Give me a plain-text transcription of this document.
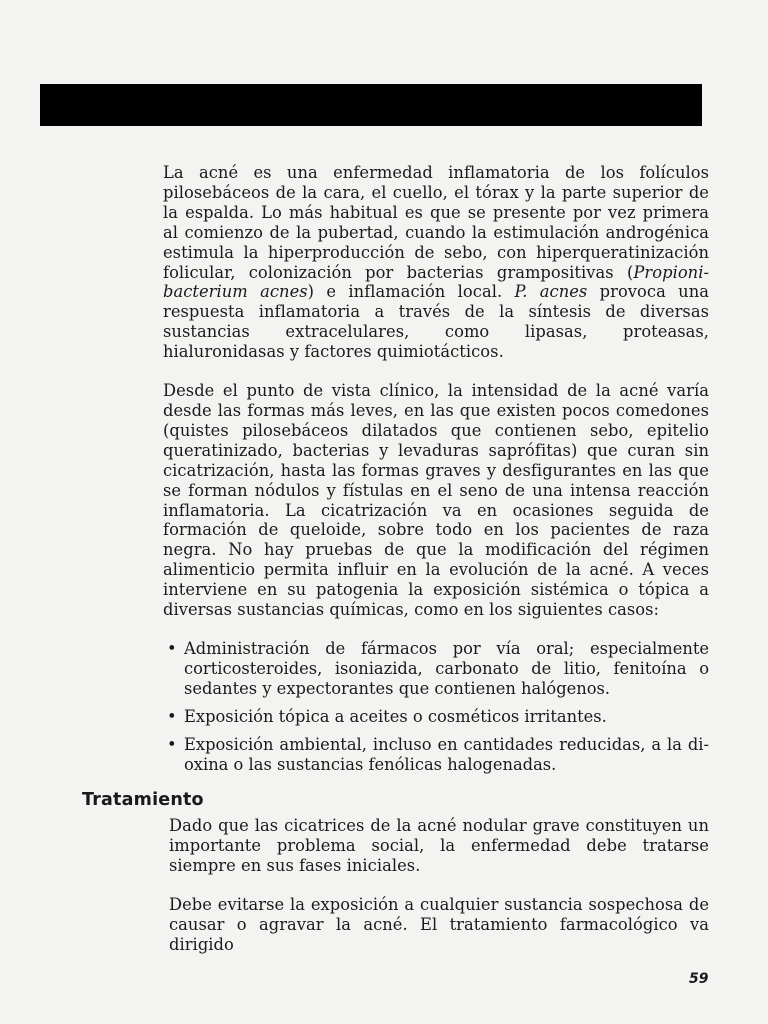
La acné es una enfermedad inflamatoria de los folículos pilosebáceos de la cara, el cuello, el tórax y la parte superior de la espalda. Lo más habitual es que se presente por vez primera al comienzo de la pubertad, cuando la estimulación androgénica estimula la hiperproducción de sebo, con hiperqueratinización folicular, colonización por bacterias grampositivas (Propionibacterium acnes) e inflamación local. P. acnes provoca una respuesta inflamatoria a través de la síntesis de diversas sustancias extracelulares, como lipasas, proteasas, hialuronidasas y factores quimiotácticos.

Desde el punto de vista clínico, la intensidad de la acné varía desde las formas más leves, en las que existen pocos comedones (quistes pilosebáceos dilatados que contienen sebo, epitelio queratinizado, bacterias y levaduras saprófitas) que curan sin cicatrización, hasta las formas graves y desfigurantes en las que se forman nódulos y fístulas en el seno de una intensa reacción inflamatoria. La cicatrización va en ocasiones seguida de formación de queloide, sobre todo en los pacientes de raza negra. No hay pruebas de que la modificación del régimen alimenticio permita influir en la evolución de la acné. A veces interviene en su patogenia la exposición sistémica o tópica a diversas sustancias químicas, como en los siguientes casos:

• Administración de fármacos por vía oral; especialmente corticosteroides, isoniazida, carbonato de litio, fenitoína o sedantes y expectorantes que contienen halógenos.
• Exposición tópica a aceites o cosméticos irritantes.
• Exposición ambiental, incluso en cantidades reducidas, a la dioxina o las sustancias fenólicas halogenadas.
Tratamiento

Dado que las cicatrices de la acné nodular grave constituyen un importante problema social, la enfermedad debe tratarse siempre en sus fases iniciales.

Debe evitarse la exposición a cualquier sustancia sospechosa de causar o agravar la acné. El tratamiento farmacológico va dirigido

59
